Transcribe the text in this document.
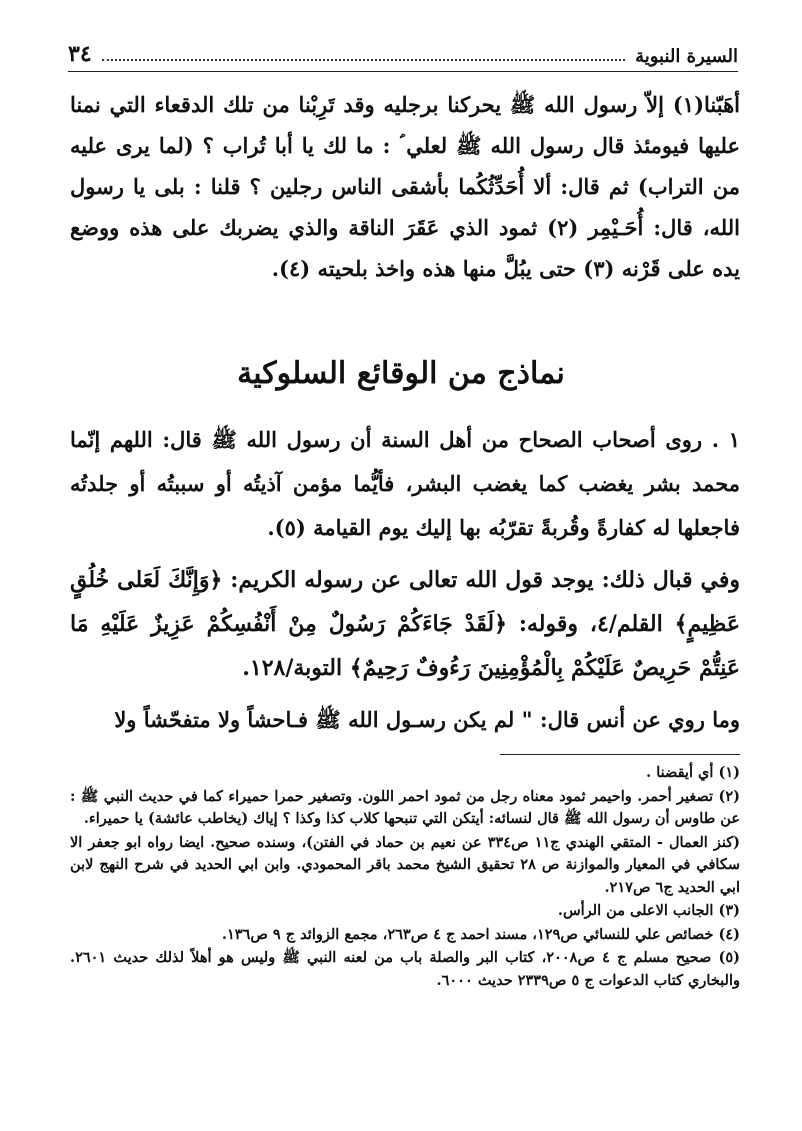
السيرة النبوية
٣٤

أهَبّنا(١) إلاّ رسول الله ﷺ يحركنا برجليه وقد تَرِبْنا من تلك الدقعاء التي نمنا عليها فيومئذ قال رسول الله ﷺ لعلي ؑ : ما لك يا أبا تُراب ؟ (لما يرى عليه من التراب) ثم قال: ألا أُحَدِّثُكُما بأشقى الناس رجلين ؟ قلنا : بلى يا رسول الله، قال: أُحَـيْمِر (٢) ثمود الذي عَقَرَ الناقة والذي يضربك على هذه ووضع يده على قَرْنه (٣) حتى يبُلَّ منها هذه واخذ بلحيته (٤).

نماذج من الوقائع السلوكية

١ . روى أصحاب الصحاح من أهل السنة أن رسول الله ﷺ قال: اللهم إنّما محمد بشر يغضب كما يغضب البشر، فأيُّما مؤمن آذيتُه أو سببتُه أو جلدتُه فاجعلها له كفارةً وقُربةً تقرّبُه بها إليك يوم القيامة (٥).

وفي قبال ذلك: يوجد قول الله تعالى عن رسوله الكريم: ﴿وَإِنَّكَ لَعَلى خُلُقٍ عَظِيمٍ﴾ القلم/٤، وقوله: ﴿لَقَدْ جَاءَكُمْ رَسُولٌ مِنْ أَنْفُسِكُمْ عَزِيزٌ عَلَيْهِ مَا عَنِتُّمْ حَرِيصٌ عَلَيْكُمْ بِالْمُؤْمِنِينَ رَءُوفٌ رَحِيمٌ﴾ التوبة/١٢٨.

وما روي عن أنس قال: " لم يكن رسـول الله ﷺ فـاحشاً ولا متفحّشاً ولا

(١) أي أيقضنا .

(٢) تصغير أحمر. واحيمر ثمود معناه رجل من ثمود احمر اللون. وتصغير حمرا حميراء كما في حديث النبي ﷺ : عن طاوس أن رسول الله ﷺ قال لنسائه: أيتكن التي تنبحها كلاب كذا وكذا ؟ إياك (يخاطب عائشة) يا حميراء.

(كنز العمال - المتقي الهندي ج١١ ص٣٣٤ عن نعيم بن حماد في الفتن)، وسنده صحيح. ايضا رواه ابو جعفر الا سكافي في المعيار والموازنة ص ٢٨ تحقيق الشيخ محمد باقر المحمودي. وابن ابي الحديد في شرح النهج لابن ابي الحديد ج٦ ص٢١٧.

(٣) الجانب الاعلى من الرأس.

(٤) خصائص علي للنسائي ص١٢٩، مسند احمد ج ٤ ص٢٦٣، مجمع الزوائد ج ٩ ص١٣٦.

(٥) صحيح مسلم ج ٤ ص٢٠٠٨، كتاب البر والصلة باب من لعنه النبي ﷺ وليس هو أهلاً لذلك حديث ٢٦٠١. والبخاري كتاب الدعوات ج ٥ ص٢٣٣٩ حديث ٦٠٠٠.
